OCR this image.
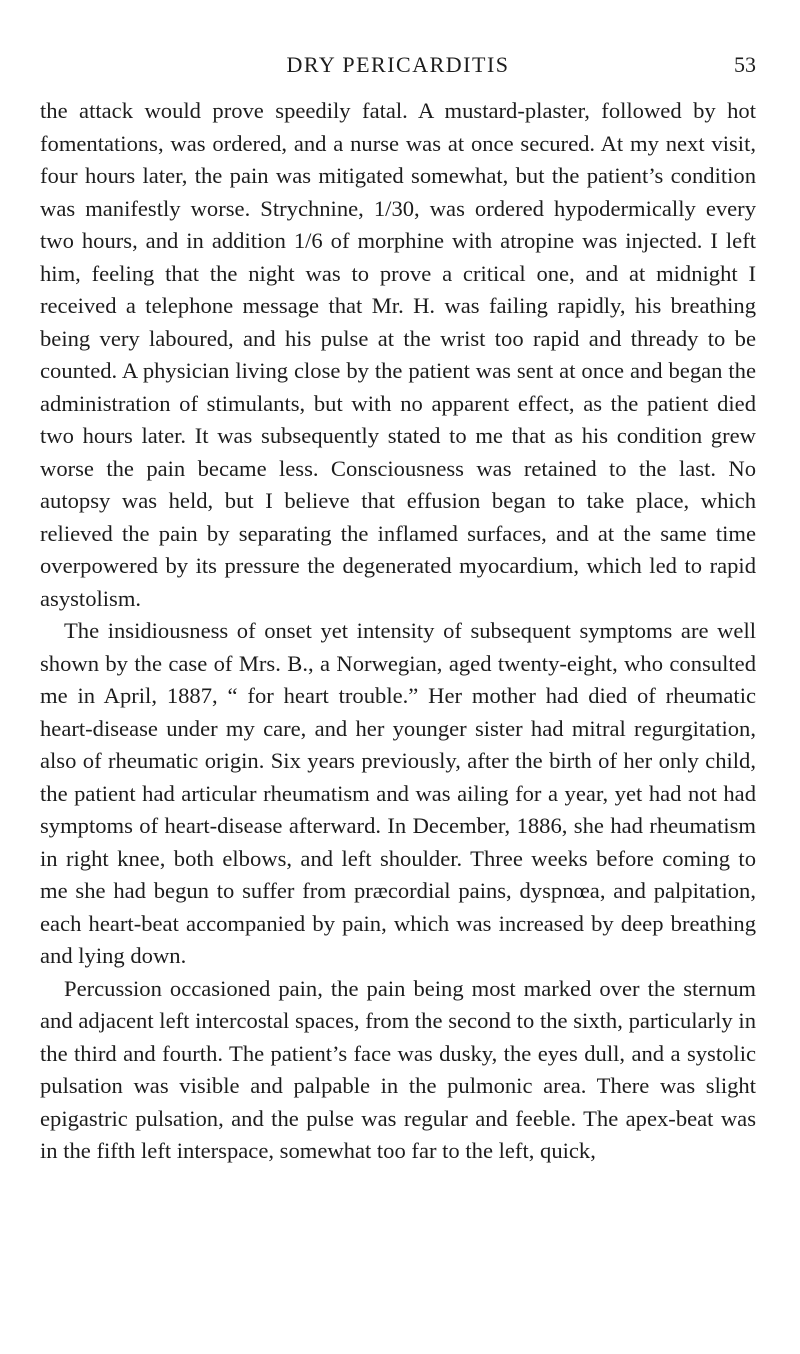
DRY PERICARDITIS	53

the attack would prove speedily fatal. A mustard-plaster, followed by hot fomentations, was ordered, and a nurse was at once secured. At my next visit, four hours later, the pain was mitigated somewhat, but the patient’s condition was manifestly worse. Strychnine, 1/30, was ordered hypodermically every two hours, and in addition 1/6 of morphine with atropine was injected. I left him, feeling that the night was to prove a critical one, and at midnight I received a telephone message that Mr. H. was failing rapidly, his breathing being very laboured, and his pulse at the wrist too rapid and thready to be counted. A physician living close by the patient was sent at once and began the administration of stimulants, but with no apparent effect, as the patient died two hours later. It was subsequently stated to me that as his condition grew worse the pain became less. Consciousness was retained to the last. No autopsy was held, but I believe that effusion began to take place, which relieved the pain by separating the inflamed surfaces, and at the same time overpowered by its pressure the degenerated myocardium, which led to rapid asystolism.

The insidiousness of onset yet intensity of subsequent symptoms are well shown by the case of Mrs. B., a Norwegian, aged twenty-eight, who consulted me in April, 1887, “ for heart trouble.” Her mother had died of rheumatic heart-disease under my care, and her younger sister had mitral regurgitation, also of rheumatic origin. Six years previously, after the birth of her only child, the patient had articular rheumatism and was ailing for a year, yet had not had symptoms of heart-disease afterward. In December, 1886, she had rheumatism in right knee, both elbows, and left shoulder. Three weeks before coming to me she had begun to suffer from præcordial pains, dyspnœa, and palpitation, each heart-beat accompanied by pain, which was increased by deep breathing and lying down.

Percussion occasioned pain, the pain being most marked over the sternum and adjacent left intercostal spaces, from the second to the sixth, particularly in the third and fourth. The patient’s face was dusky, the eyes dull, and a systolic pulsation was visible and palpable in the pulmonic area. There was slight epigastric pulsation, and the pulse was regular and feeble. The apex-beat was in the fifth left interspace, somewhat too far to the left, quick,
